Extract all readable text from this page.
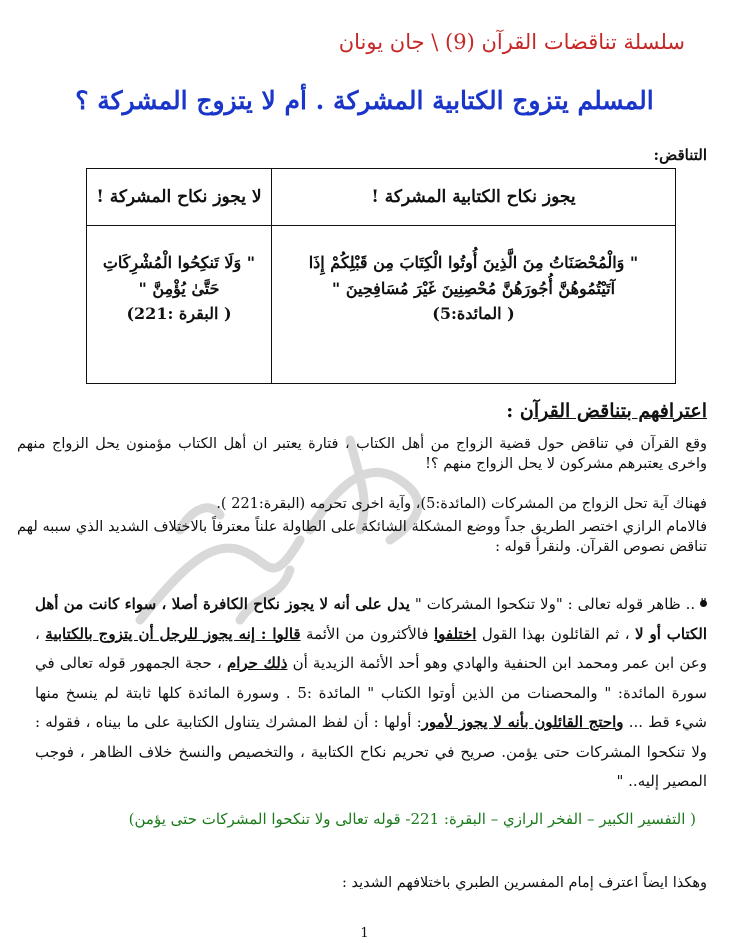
سلسلة تناقضات القرآن (9) \ جان يونان
المسلم يتزوج الكتابية المشركة . أم لا يتزوج المشركة ؟
التناقض:
يجوز نكاح الكتابية المشركة !	لا يجوز نكاح المشركة !

" وَالْمُحْصَنَاتُ مِنَ الَّذِينَ أُوتُوا الْكِتَابَ مِن قَبْلِكُمْ إِذَا آتَيْتُمُوهُنَّ أُجُورَهُنَّ مُحْصِنِينَ غَيْرَ مُسَافِحِينَ "
( المائدة:5)	" وَلَا تَنكِحُوا الْمُشْرِكَاتِ حَتَّىٰ يُؤْمِنَّ "
( البقرة :221)
اعترافهم بتناقض القرآن :
وقع القرآن في تناقض حول قضية الزواج من أهل الكتاب ، فتارة يعتبر ان أهل الكتاب مؤمنون يحل الزواج منهم واخرى يعتبرهم مشركون لا يحل الزواج منهم ؟!
فهناك آية تحل الزواج من المشركات (المائدة:5)، وآية اخرى تحرمه (البقرة:221 ).
فالامام الرازي اختصر الطريق جداً ووضع المشكلة الشائكة على الطاولة علناً معترفاً بالاختلاف الشديد الذي سببه لهم تناقض نصوص القرآن. ولنقرأ قوله :
" .. ظاهر قوله تعالى : "ولا تنكحوا المشركات " يدل على أنه لا يجوز نكاح الكافرة أصلا ، سواء كانت من أهل الكتاب أو لا ، ثم القائلون بهذا القول اختلفوا فالأكثرون من الأئمة قالوا : إنه يجوز للرجل أن يتزوج بالكتابية ، وعن ابن عمر ومحمد ابن الحنفية والهادي وهو أحد الأئمة الزيدية أن ذلك حرام ، حجة الجمهور قوله تعالى في سورة المائدة: " والمحصنات من الذين أوتوا الكتاب " المائدة :5 . وسورة المائدة كلها ثابتة لم ينسخ منها شيء قط ... واحتج القائلون بأنه لا يجوز لأمور: أولها : أن لفظ المشرك يتناول الكتابية على ما بيناه ، فقوله : ولا تنكحوا المشركات حتى يؤمن. صريح في تحريم نكاح الكتابية ، والتخصيص والنسخ خلاف الظاهر ، فوجب المصير إليه.. "
( التفسير الكبير – الفخر الرازي – البقرة: 221- قوله تعالى ولا تنكحوا المشركات حتى يؤمن)
وهكذا ايضاً اعترف إمام المفسرين الطبري باختلافهم الشديد :
1
